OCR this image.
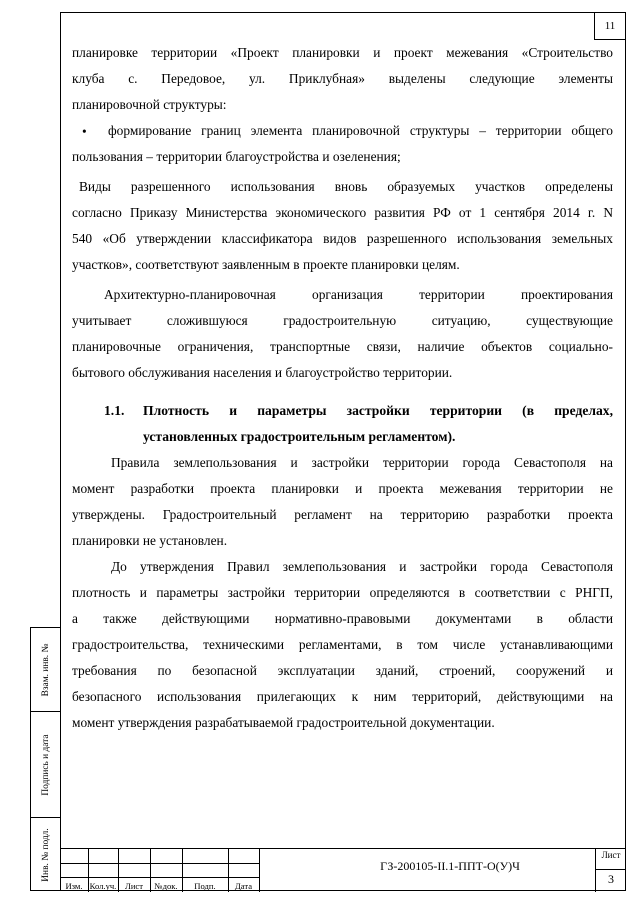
11
планировке территории «Проект планировки и проект межевания «Строительство
клуба с. Передовое, ул. Приклубная» выделены следующие элементы
планировочной структуры:
• формирование границ элемента планировочной структуры – территории общего
пользования – территории благоустройства и озеленения;
Виды разрешенного использования вновь образуемых участков определены
согласно Приказу Министерства экономического развития РФ от 1 сентября 2014 г. N
540 «Об утверждении классификатора видов разрешенного использования земельных
участков», соответствуют заявленным в проекте планировки целям.
Архитектурно-планировочная организация территории проектирования
учитывает сложившуюся градостроительную ситуацию, существующие
планировочные ограничения, транспортные связи, наличие объектов социально-
бытового обслуживания населения и благоустройство территории.
1.1. Плотность и параметры застройки территории (в пределах,
установленных градостроительным регламентом).
Правила землепользования и застройки территории города Севастополя на
момент разработки проекта планировки и проекта межевания территории не
утверждены. Градостроительный регламент на территорию разработки проекта
планировки не установлен.
До утверждения Правил землепользования и застройки города Севастополя
плотность и параметры застройки территории определяются в соответствии с РНГП,
а также действующими нормативно-правовыми документами в области
градостроительства, техническими регламентами, в том числе устанавливающими
требования по безопасной эксплуатации зданий, строений, сооружений и
безопасного использования прилегающих к ним территорий, действующими на
момент утверждения разрабатываемой градостроительной документации.
Взам. инв. №
Подпись и дата
Инв. № подл.
Изм. Кол.уч.	Лист	№док.	Подп.	Дата
ГЗ-200105-II.1-ППТ-О(У)Ч
Лист
3
